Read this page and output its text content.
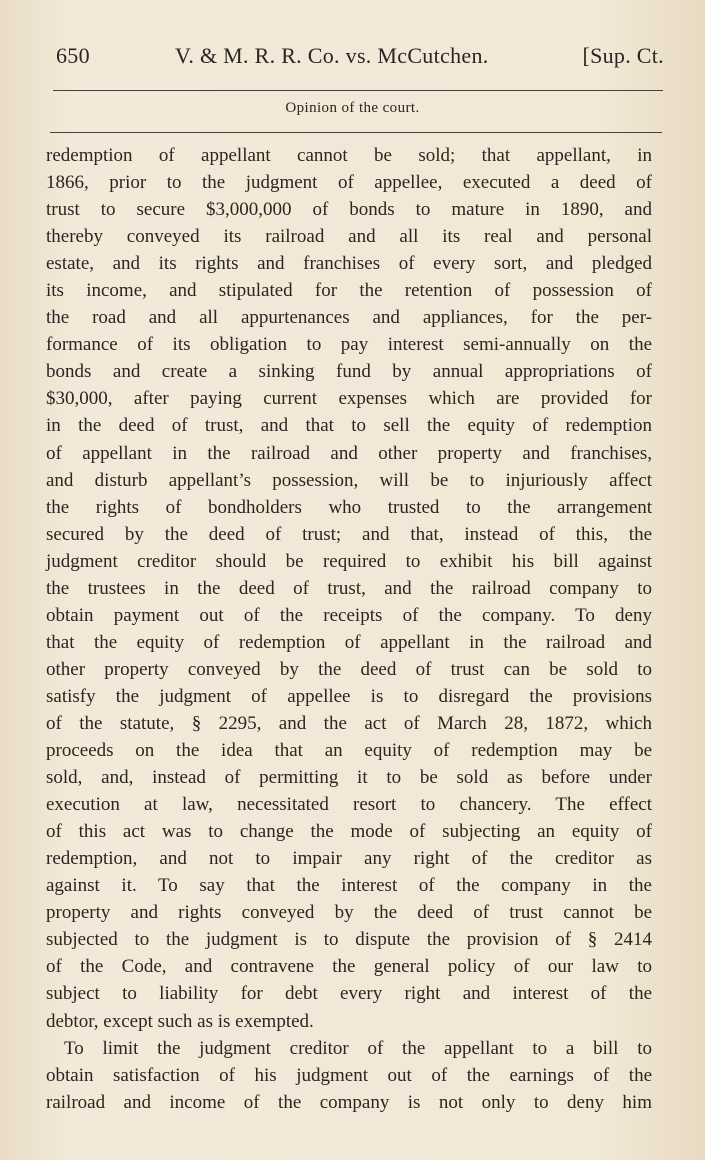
650	V. & M. R. R. Co. vs. McCutchen.	[Sup. Ct.
Opinion of the court.
redemption of appellant cannot be sold; that appellant, in
1866, prior to the judgment of appellee, executed a deed of
trust to secure $3,000,000 of bonds to mature in 1890, and
thereby conveyed its railroad and all its real and personal
estate, and its rights and franchises of every sort, and pledged
its income, and stipulated for the retention of possession of
the road and all appurtenances and appliances, for the per-
formance of its obligation to pay interest semi-annually on the
bonds and create a sinking fund by annual appropriations of
$30,000, after paying current expenses which are provided for
in the deed of trust, and that to sell the equity of redemption
of appellant in the railroad and other property and franchises,
and disturb appellant’s possession, will be to injuriously affect
the rights of bondholders who trusted to the arrangement
secured by the deed of trust; and that, instead of this, the
judgment creditor should be required to exhibit his bill against
the trustees in the deed of trust, and the railroad company to
obtain payment out of the receipts of the company. To deny
that the equity of redemption of appellant in the railroad and
other property conveyed by the deed of trust can be sold to
satisfy the judgment of appellee is to disregard the provisions
of the statute, § 2295, and the act of March 28, 1872, which
proceeds on the idea that an equity of redemption may be
sold, and, instead of permitting it to be sold as before under
execution at law, necessitated resort to chancery. The effect
of this act was to change the mode of subjecting an equity of
redemption, and not to impair any right of the creditor as
against it. To say that the interest of the company in the
property and rights conveyed by the deed of trust cannot be
subjected to the judgment is to dispute the provision of § 2414
of the Code, and contravene the general policy of our law to
subject to liability for debt every right and interest of the
debtor, except such as is exempted.
To limit the judgment creditor of the appellant to a bill to
obtain satisfaction of his judgment out of the earnings of the
railroad and income of the company is not only to deny him
